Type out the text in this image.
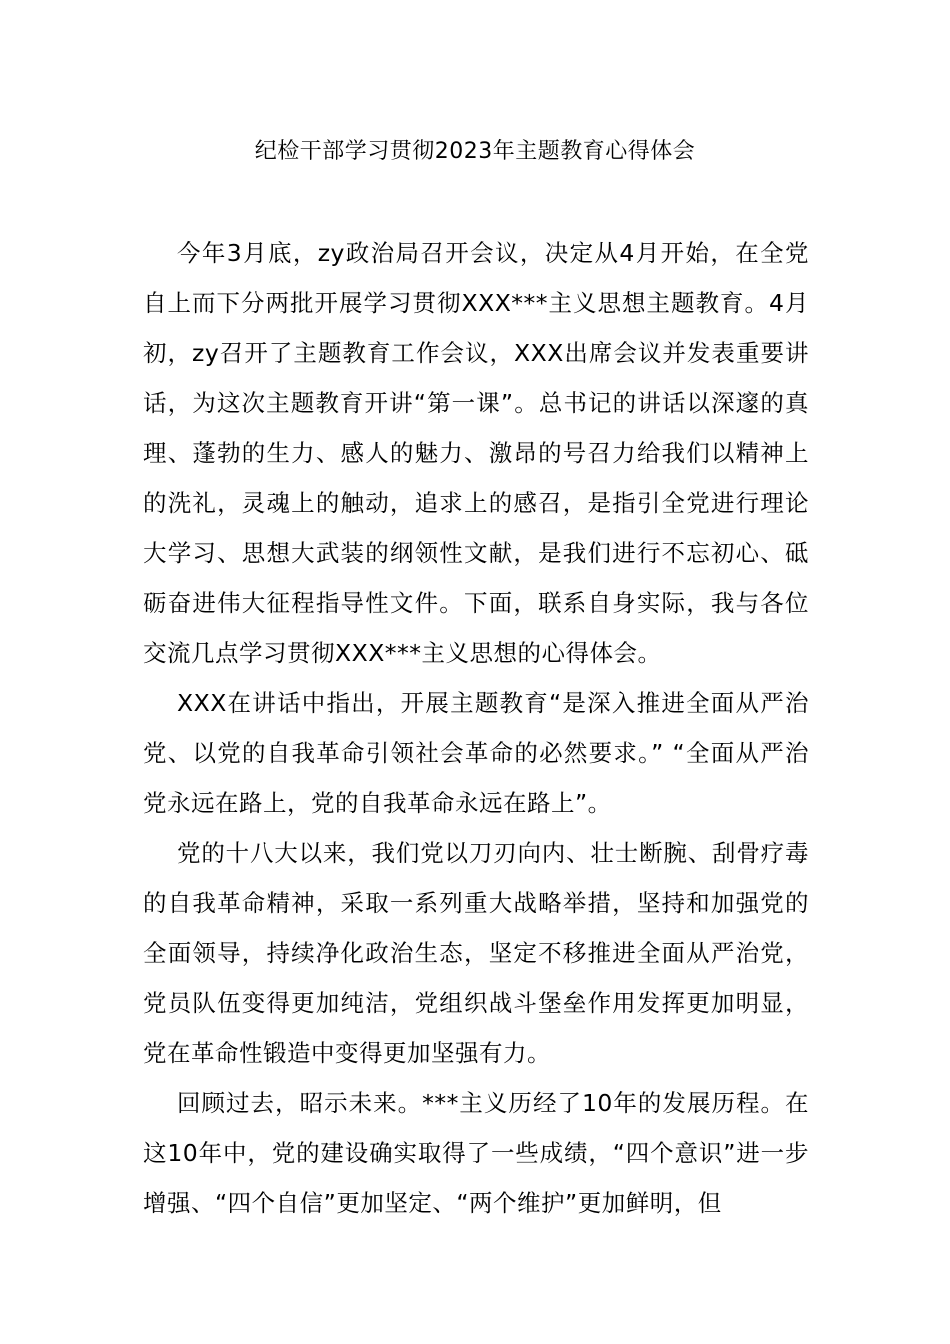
纪检干部学习贯彻2023年主题教育心得体会

今年3月底，zy政治局召开会议，决定从4月开始，在全党自上而下分两批开展学习贯彻XXX***主义思想主题教育。4月初，zy召开了主题教育工作会议，XXX出席会议并发表重要讲话，为这次主题教育开讲“第一课”。总书记的讲话以深邃的真理、蓬勃的生力、感人的魅力、激昂的号召力给我们以精神上的洗礼，灵魂上的触动，追求上的感召，是指引全党进行理论大学习、思想大武装的纲领性文献，是我们进行不忘初心、砥砺奋进伟大征程指导性文件。下面，联系自身实际，我与各位交流几点学习贯彻XXX***主义思想的心得体会。

XXX在讲话中指出，开展主题教育“是深入推进全面从严治党、以党的自我革命引领社会革命的必然要求。” “全面从严治党永远在路上，党的自我革命永远在路上”。

党的十八大以来，我们党以刀刃向内、壮士断腕、刮骨疗毒的自我革命精神，采取一系列重大战略举措，坚持和加强党的全面领导，持续净化政治生态，坚定不移推进全面从严治党，党员队伍变得更加纯洁，党组织战斗堡垒作用发挥更加明显，党在革命性锻造中变得更加坚强有力。

回顾过去，昭示未来。***主义历经了10年的发展历程。在这10年中，党的建设确实取得了一些成绩，“四个意识”进一步增强、“四个自信”更加坚定、“两个维护”更加鲜明，但
